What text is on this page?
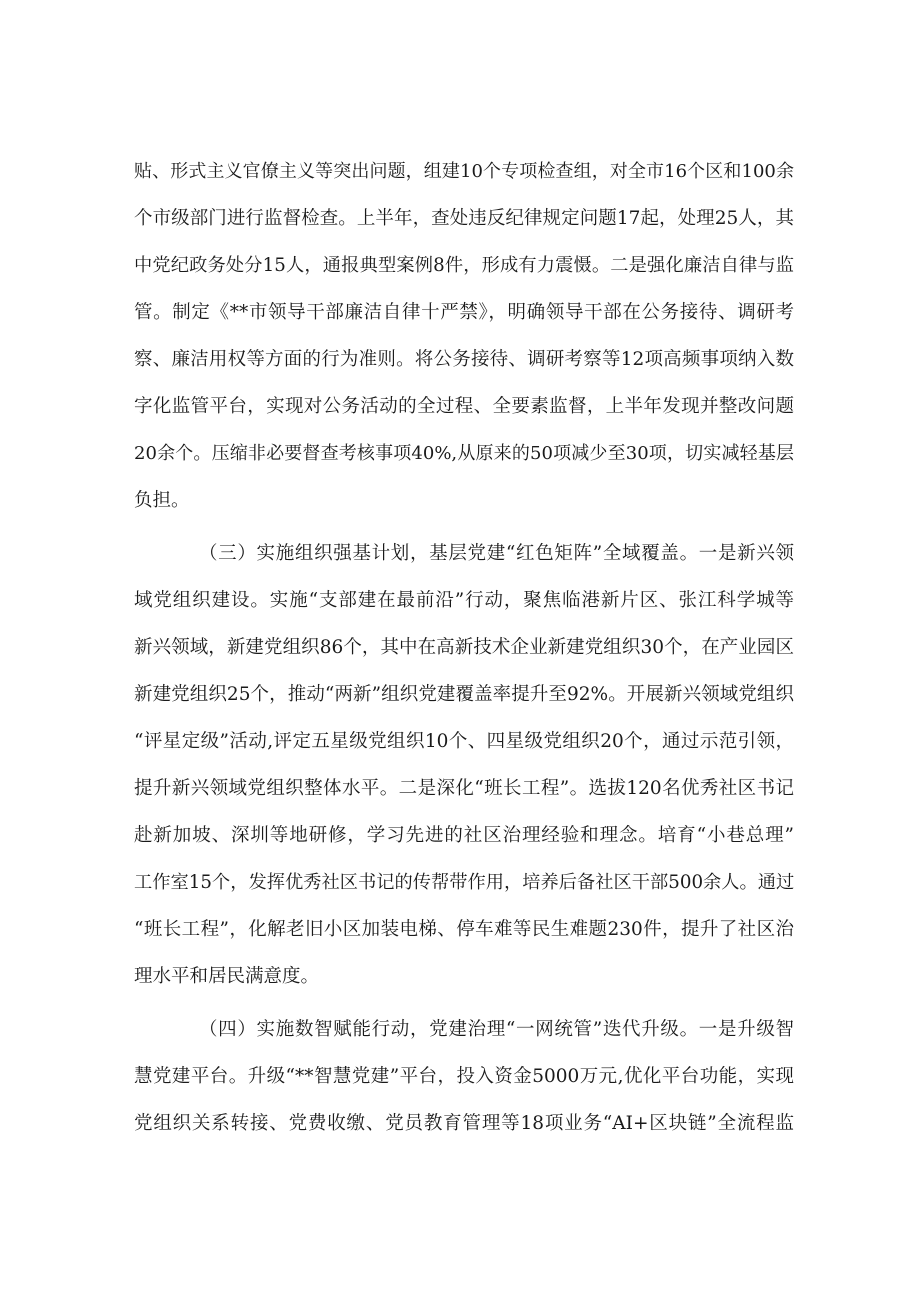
贴、形式主义官僚主义等突出问题，组建10个专项检查组，对全市16个区和100余
个市级部门进行监督检查。上半年，查处违反纪律规定问题17起，处理25人，其
中党纪政务处分15人，通报典型案例8件，形成有力震慑。二是强化廉洁自律与监
管。制定《**市领导干部廉洁自律十严禁》，明确领导干部在公务接待、调研考
察、廉洁用权等方面的行为准则。将公务接待、调研考察等12项高频事项纳入数
字化监管平台，实现对公务活动的全过程、全要素监督，上半年发现并整改问题
20余个。压缩非必要督查考核事项40%,从原来的50项减少至30项，切实减轻基层
负担。
（三）实施组织强基计划，基层党建“红色矩阵”全域覆盖。一是新兴领
域党组织建设。实施“支部建在最前沿”行动，聚焦临港新片区、张江科学城等
新兴领域，新建党组织86个，其中在高新技术企业新建党组织30个，在产业园区
新建党组织25个，推动“两新”组织党建覆盖率提升至92%。开展新兴领域党组织
“评星定级”活动,评定五星级党组织10个、四星级党组织20个，通过示范引领，
提升新兴领域党组织整体水平。二是深化“班长工程”。选拔120名优秀社区书记
赴新加坡、深圳等地研修，学习先进的社区治理经验和理念。培育“小巷总理”
工作室15个，发挥优秀社区书记的传帮带作用，培养后备社区干部500余人。通过
“班长工程”，化解老旧小区加装电梯、停车难等民生难题230件，提升了社区治
理水平和居民满意度。
（四）实施数智赋能行动，党建治理“一网统管”迭代升级。一是升级智
慧党建平台。升级“**智慧党建”平台，投入资金5000万元,优化平台功能，实现
党组织关系转接、党费收缴、党员教育管理等18项业务“AI+区块链”全流程监
